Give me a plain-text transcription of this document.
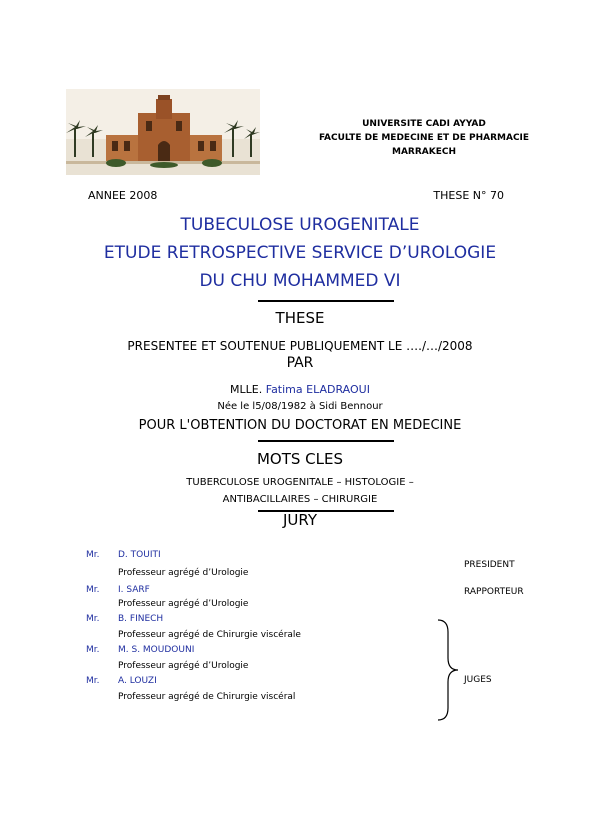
UNIVERSITE CADI AYYAD
FACULTE DE MEDECINE ET DE PHARMACIE
MARRAKECH
ANNEE 2008	THESE N° 70
TUBECULOSE UROGENITALE
ETUDE RETROSPECTIVE SERVICE D’UROLOGIE
DU CHU MOHAMMED VI
THESE
PRESENTEE ET SOUTENUE PUBLIQUEMENT LE …./…/2008
PAR
MLLE. Fatima ELADRAOUI
Née le l5/08/1982 à Sidi Bennour
POUR L'OBTENTION DU DOCTORAT EN MEDECINE
MOTS CLES
TUBERCULOSE UROGENITALE – HISTOLOGIE –
ANTIBACILLAIRES – CHIRURGIE
JURY
Mr. D. TOUITI
Professeur agrégé d’Urologie
Mr. I. SARF
Professeur agrégé d’Urologie
Mr. B. FINECH
Professeur agrégé de Chirurgie viscérale
Mr. M. S. MOUDOUNI
Professeur agrégé d’Urologie
Mr. A. LOUZI
Professeur agrégé de Chirurgie viscéral
PRESIDENT
RAPPORTEUR
JUGES
